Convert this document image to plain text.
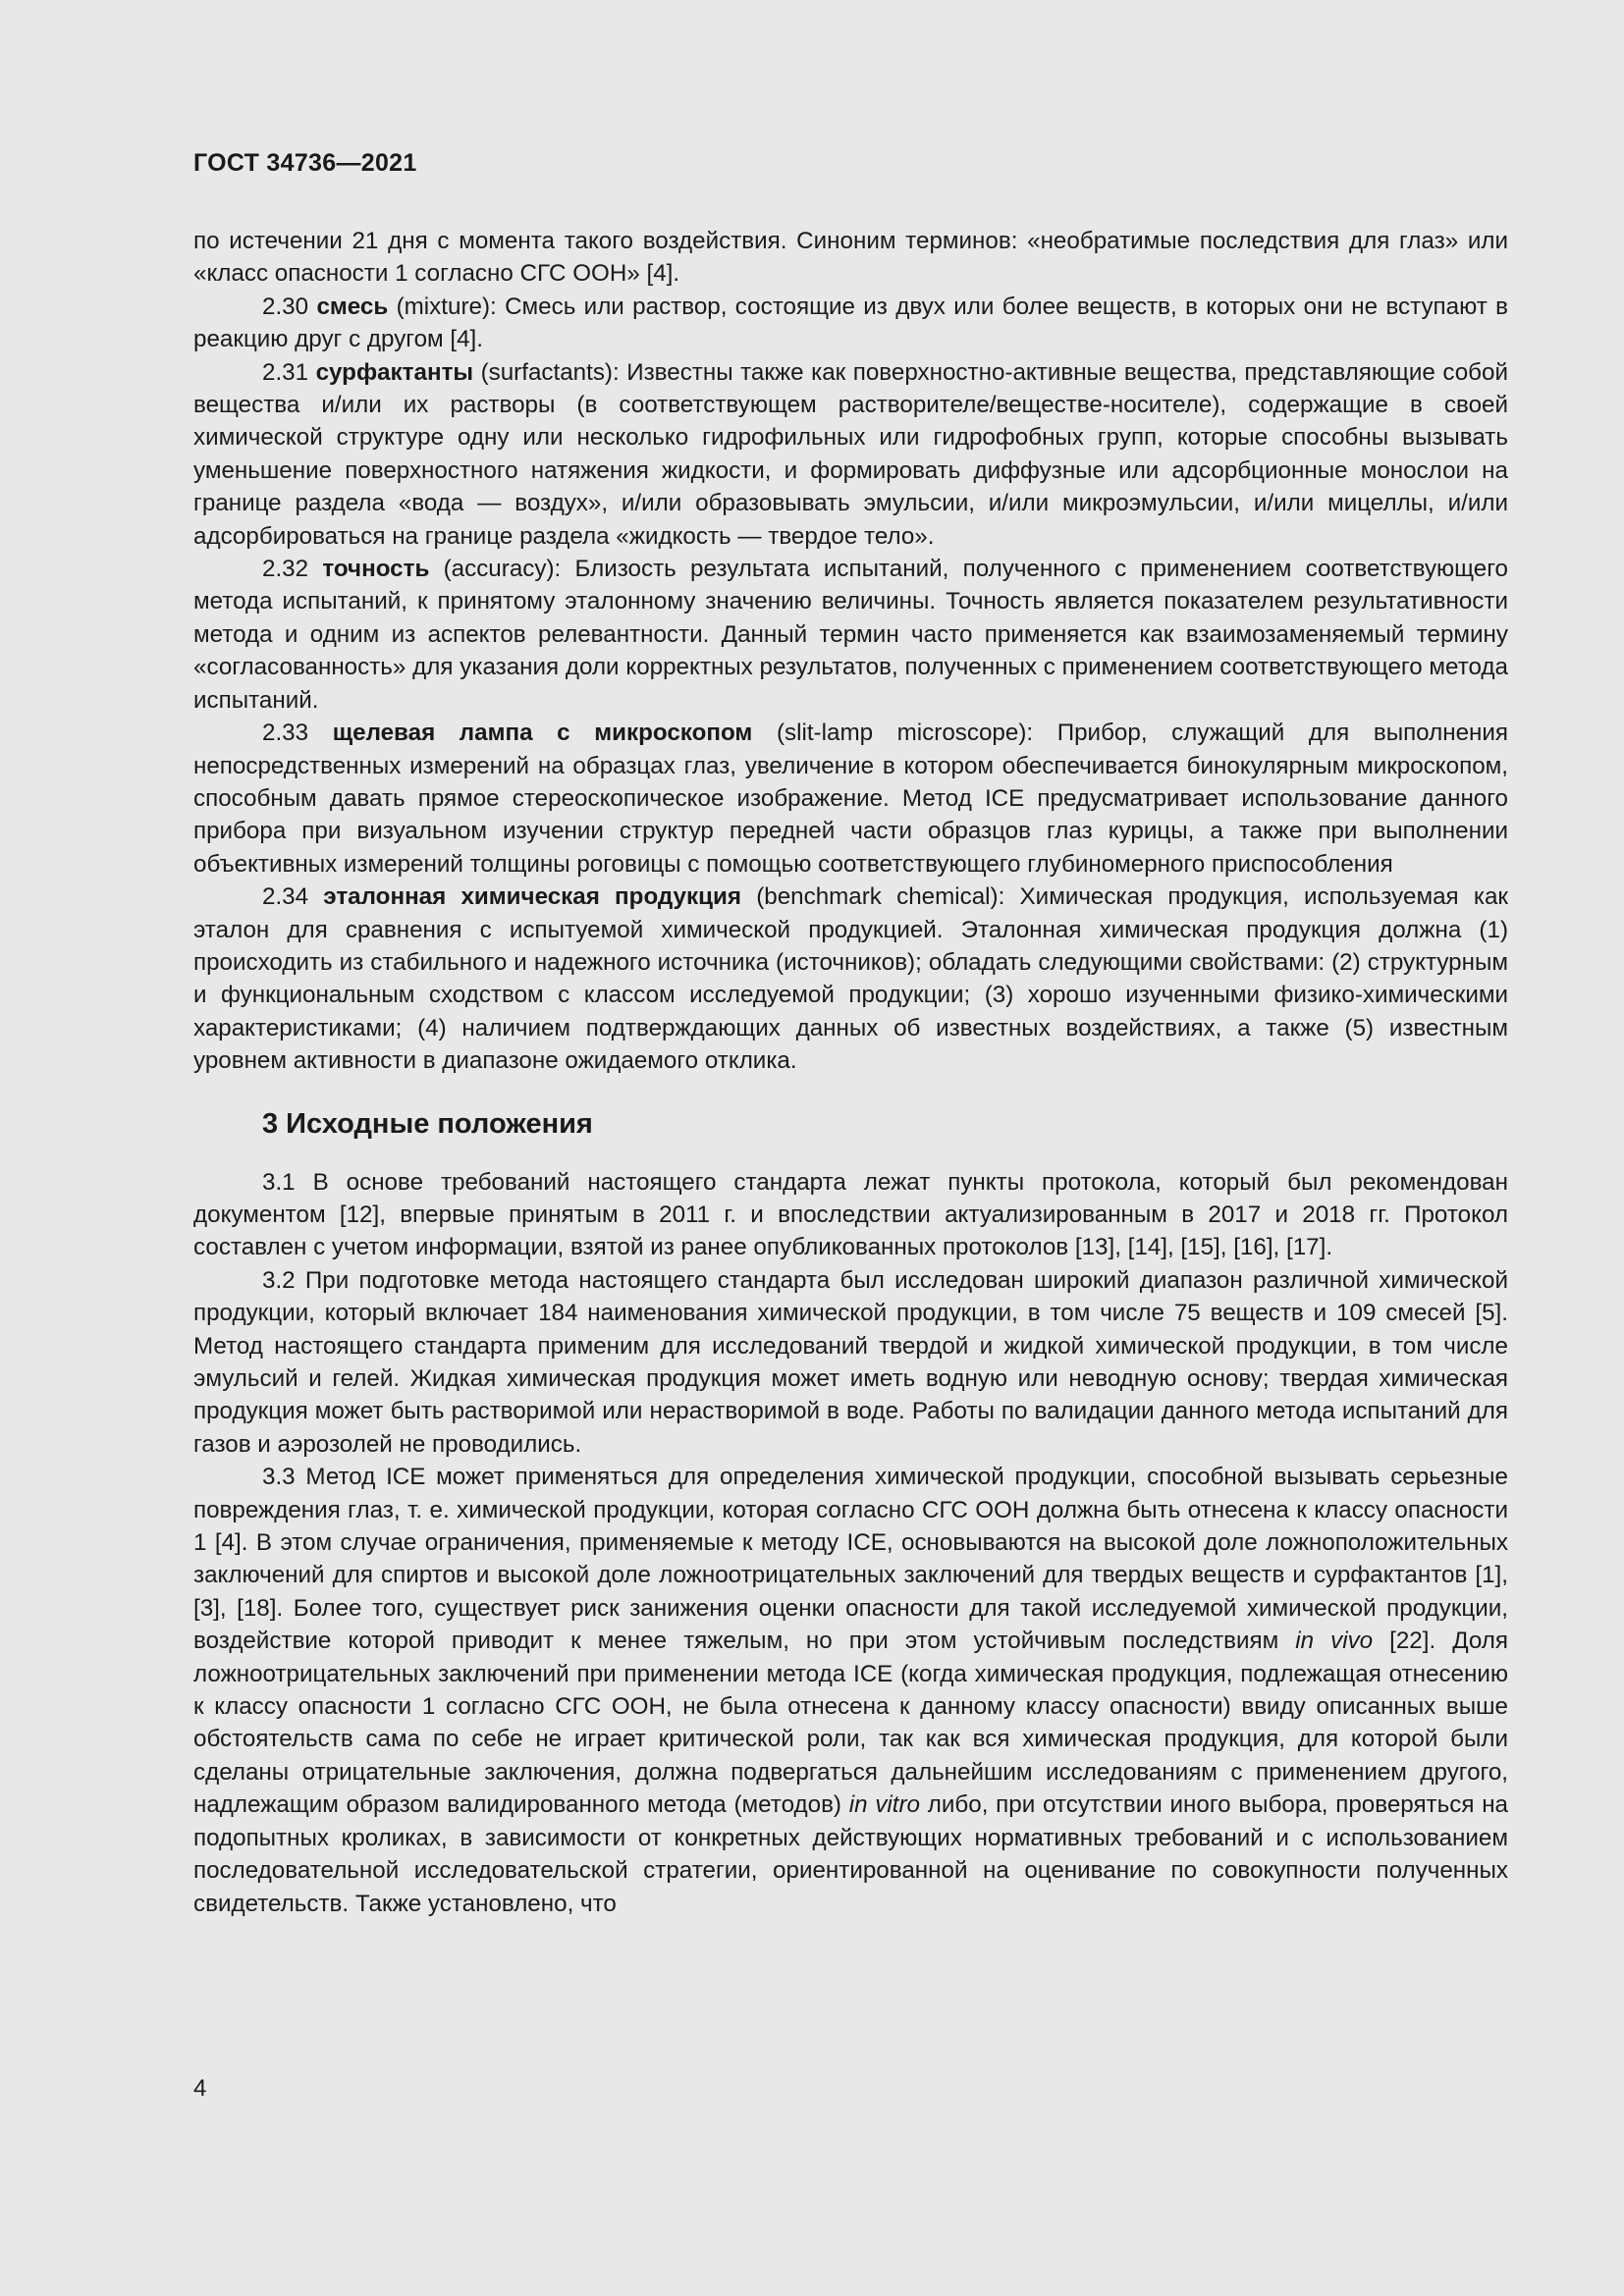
ГОСТ 34736—2021

по истечении 21 дня с момента такого воздействия. Синоним терминов: «необратимые последствия для глаз» или «класс опасности 1 согласно СГС ООН» [4].

2.30 смесь (mixture): Смесь или раствор, состоящие из двух или более веществ, в которых они не вступают в реакцию друг с другом [4].

2.31 сурфактанты (surfactants): Известны также как поверхностно-активные вещества, представляющие собой вещества и/или их растворы (в соответствующем растворителе/веществе-носителе), содержащие в своей химической структуре одну или несколько гидрофильных или гидрофобных групп, которые способны вызывать уменьшение поверхностного натяжения жидкости, и формировать диффузные или адсорбционные монослои на границе раздела «вода — воздух», и/или образовывать эмульсии, и/или микроэмульсии, и/или мицеллы, и/или адсорбироваться на границе раздела «жидкость — твердое тело».

2.32 точность (accuracy): Близость результата испытаний, полученного с применением соответствующего метода испытаний, к принятому эталонному значению величины. Точность является показателем результативности метода и одним из аспектов релевантности. Данный термин часто применяется как взаимозаменяемый термину «согласованность» для указания доли корректных результатов, полученных с применением соответствующего метода испытаний.

2.33 щелевая лампа с микроскопом (slit-lamp microscope): Прибор, служащий для выполнения непосредственных измерений на образцах глаз, увеличение в котором обеспечивается бинокулярным микроскопом, способным давать прямое стереоскопическое изображение. Метод ICE предусматривает использование данного прибора при визуальном изучении структур передней части образцов глаз курицы, а также при выполнении объективных измерений толщины роговицы с помощью соответствующего глубиномерного приспособления

2.34 эталонная химическая продукция (benchmark chemical): Химическая продукция, используемая как эталон для сравнения с испытуемой химической продукцией. Эталонная химическая продукция должна (1) происходить из стабильного и надежного источника (источников); обладать следующими свойствами: (2) структурным и функциональным сходством с классом исследуемой продукции; (3) хорошо изученными физико-химическими характеристиками; (4) наличием подтверждающих данных об известных воздействиях, а также (5) известным уровнем активности в диапазоне ожидаемого отклика.

3 Исходные положения

3.1 В основе требований настоящего стандарта лежат пункты протокола, который был рекомендован документом [12], впервые принятым в 2011 г. и впоследствии актуализированным в 2017 и 2018 гг. Протокол составлен с учетом информации, взятой из ранее опубликованных протоколов [13], [14], [15], [16], [17].

3.2 При подготовке метода настоящего стандарта был исследован широкий диапазон различной химической продукции, который включает 184 наименования химической продукции, в том числе 75 веществ и 109 смесей [5]. Метод настоящего стандарта применим для исследований твердой и жидкой химической продукции, в том числе эмульсий и гелей. Жидкая химическая продукция может иметь водную или неводную основу; твердая химическая продукция может быть растворимой или нерастворимой в воде. Работы по валидации данного метода испытаний для газов и аэрозолей не проводились.

3.3 Метод ICE может применяться для определения химической продукции, способной вызывать серьезные повреждения глаз, т. е. химической продукции, которая согласно СГС ООН должна быть отнесена к классу опасности 1 [4]. В этом случае ограничения, применяемые к методу ICE, основываются на высокой доле ложноположительных заключений для спиртов и высокой доле ложноотрицательных заключений для твердых веществ и сурфактантов [1], [3], [18]. Более того, существует риск занижения оценки опасности для такой исследуемой химической продукции, воздействие которой приводит к менее тяжелым, но при этом устойчивым последствиям in vivo [22]. Доля ложноотрицательных заключений при применении метода ICE (когда химическая продукция, подлежащая отнесению к классу опасности 1 согласно СГС ООН, не была отнесена к данному классу опасности) ввиду описанных выше обстоятельств сама по себе не играет критической роли, так как вся химическая продукция, для которой были сделаны отрицательные заключения, должна подвергаться дальнейшим исследованиям с применением другого, надлежащим образом валидированного метода (методов) in vitro либо, при отсутствии иного выбора, проверяться на подопытных кроликах, в зависимости от конкретных действующих нормативных требований и с использованием последовательной исследовательской стратегии, ориентированной на оценивание по совокупности полученных свидетельств. Также установлено, что

4
